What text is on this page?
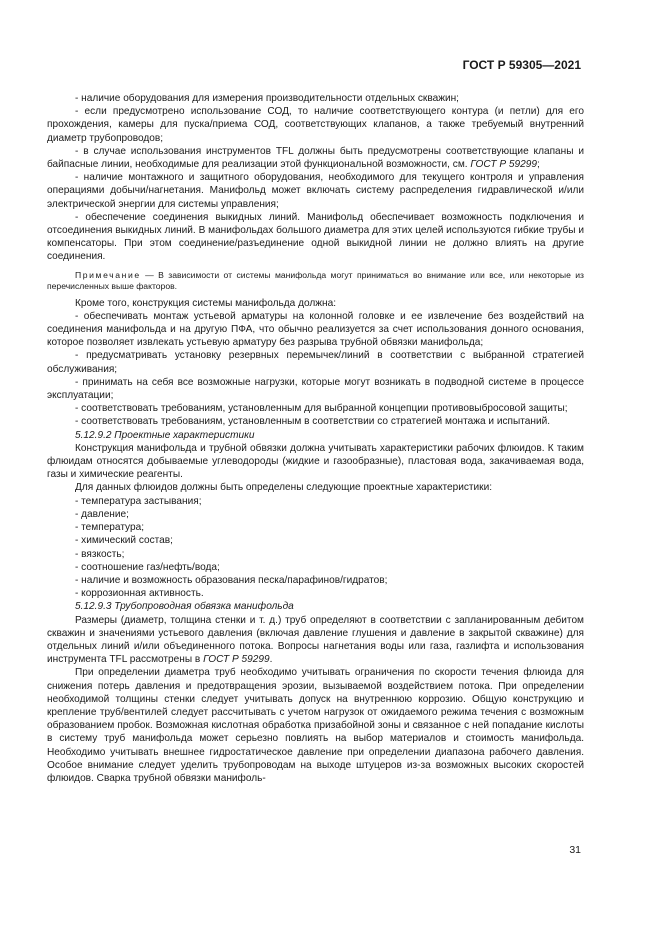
ГОСТ Р 59305—2021

- наличие оборудования для измерения производительности отдельных скважин;

- если предусмотрено использование СОД, то наличие соответствующего контура (и петли) для его прохождения, камеры для пуска/приема СОД, соответствующих клапанов, а также требуемый внутренний диаметр трубопроводов;

- в случае использования инструментов TFL должны быть предусмотрены соответствующие клапаны и байпасные линии, необходимые для реализации этой функциональной возможности, см. ГОСТ Р 59299;

- наличие монтажного и защитного оборудования, необходимого для текущего контроля и управления операциями добычи/нагнетания. Манифольд может включать систему распределения гидравлической и/или электрической энергии для системы управления;

- обеспечение соединения выкидных линий. Манифольд обеспечивает возможность подключения и отсоединения выкидных линий. В манифольдах большого диаметра для этих целей используются гибкие трубы и компенсаторы. При этом соединение/разъединение одной выкидной линии не должно влиять на другие соединения.

Примечание — В зависимости от системы манифольда могут приниматься во внимание или все, или некоторые из перечисленных выше факторов.

Кроме того, конструкция системы манифольда должна:

- обеспечивать монтаж устьевой арматуры на колонной головке и ее извлечение без воздействий на соединения манифольда и на другую ПФА, что обычно реализуется за счет использования донного основания, которое позволяет извлекать устьевую арматуру без разрыва трубной обвязки манифольда;

- предусматривать установку резервных перемычек/линий в соответствии с выбранной стратегией обслуживания;

- принимать на себя все возможные нагрузки, которые могут возникать в подводной системе в процессе эксплуатации;

- соответствовать требованиям, установленным для выбранной концепции противовыбросовой защиты;

- соответствовать требованиям, установленным в соответствии со стратегией монтажа и испытаний.

5.12.9.2 Проектные характеристики

Конструкция манифольда и трубной обвязки должна учитывать характеристики рабочих флюидов. К таким флюидам относятся добываемые углеводороды (жидкие и газообразные), пластовая вода, закачиваемая вода, газы и химические реагенты.

Для данных флюидов должны быть определены следующие проектные характеристики:

- температура застывания;

- давление;

- температура;

- химический состав;

- вязкость;

- соотношение газ/нефть/вода;

- наличие и возможность образования песка/парафинов/гидратов;

- коррозионная активность.

5.12.9.3 Трубопроводная обвязка манифольда

Размеры (диаметр, толщина стенки и т. д.) труб определяют в соответствии с запланированным дебитом скважин и значениями устьевого давления (включая давление глушения и давление в закрытой скважине) для отдельных линий и/или объединенного потока. Вопросы нагнетания воды или газа, газлифта и использования инструмента TFL рассмотрены в ГОСТ Р 59299.

При определении диаметра труб необходимо учитывать ограничения по скорости течения флюида для снижения потерь давления и предотвращения эрозии, вызываемой воздействием потока. При определении необходимой толщины стенки следует учитывать допуск на внутреннюю коррозию. Общую конструкцию и крепление труб/вентилей следует рассчитывать с учетом нагрузок от ожидаемого режима течения с возможным образованием пробок. Возможная кислотная обработка призабойной зоны и связанное с ней попадание кислоты в систему труб манифольда может серьезно повлиять на выбор материалов и стоимость манифольда. Необходимо учитывать внешнее гидростатическое давление при определении диапазона рабочего давления. Особое внимание следует уделить трубопроводам на выходе штуцеров из-за возможных высоких скоростей флюидов. Сварка трубной обвязки манифоль-

31
